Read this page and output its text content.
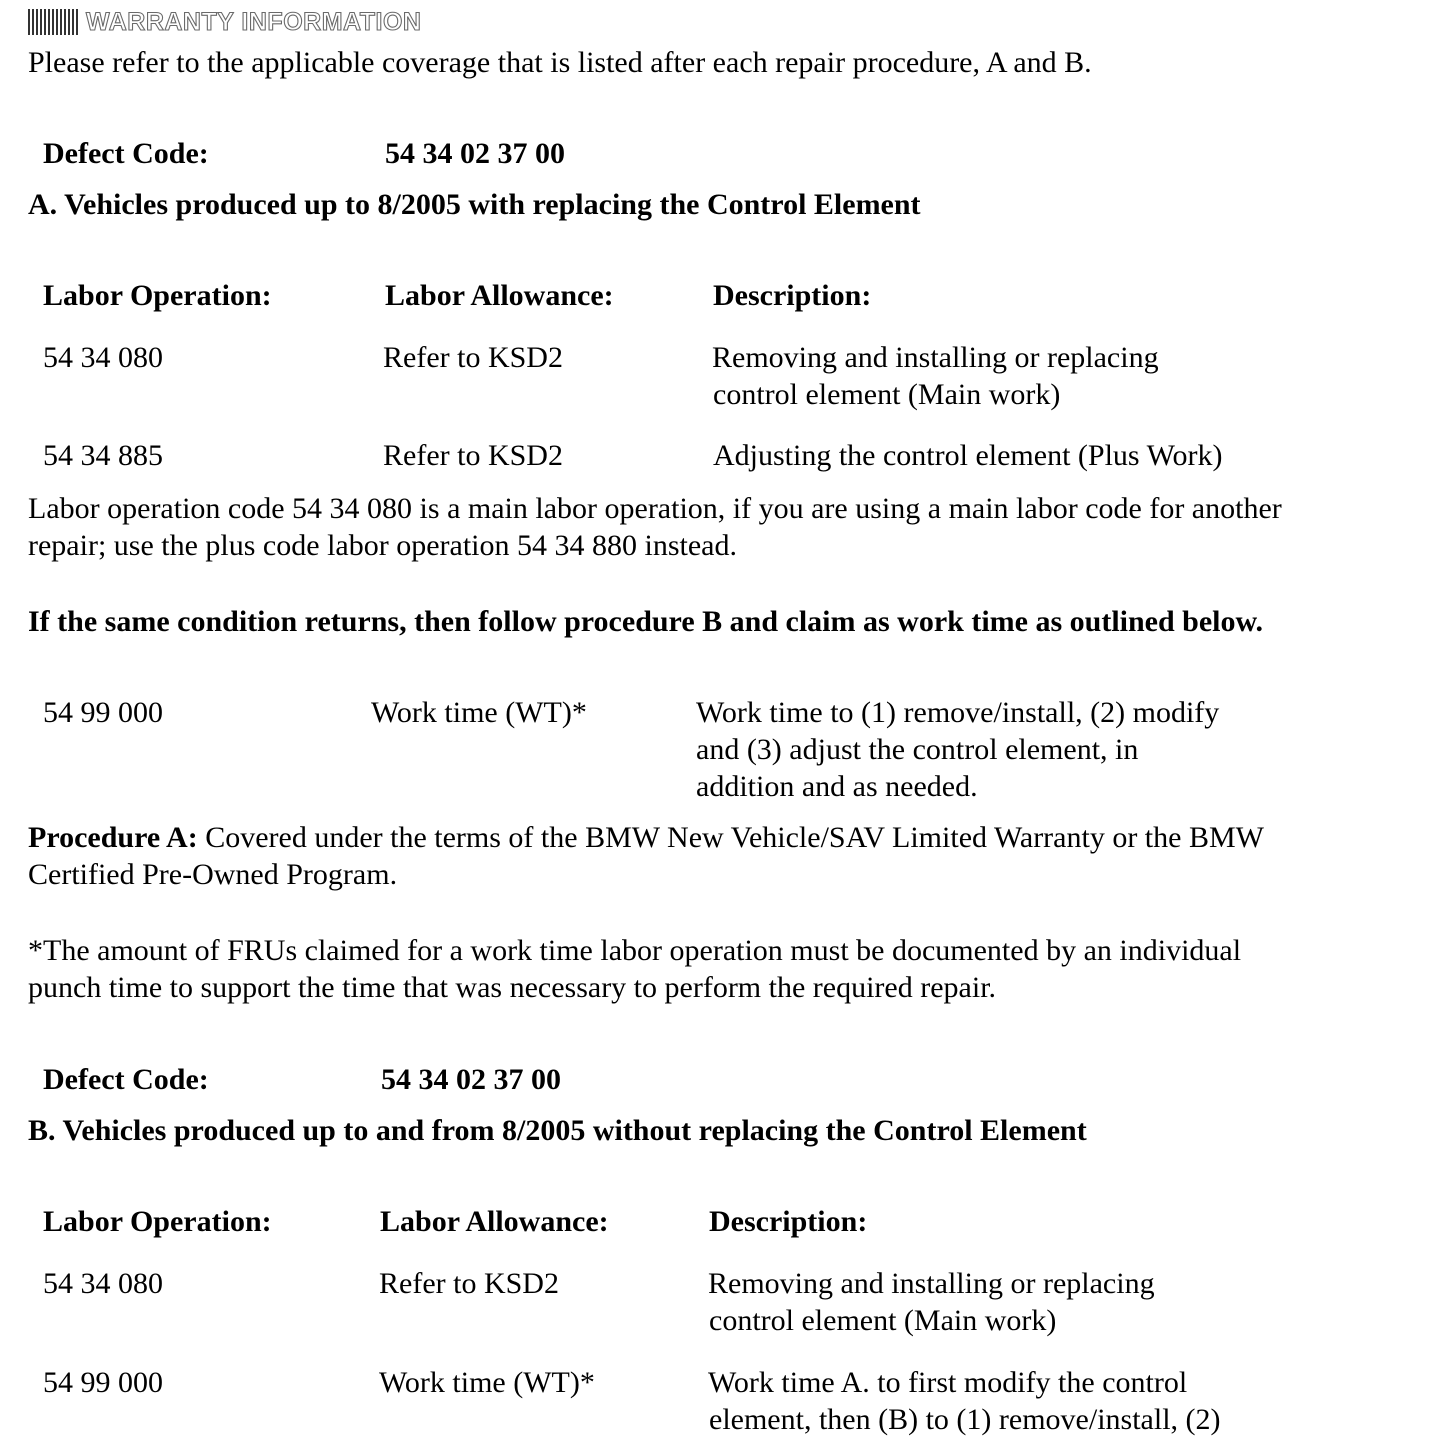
WARRANTY INFORMATION
Please refer to the applicable coverage that is listed after each repair procedure, A and B.
Defect Code:	54 34 02 37 00
A. Vehicles produced up to 8/2005 with replacing the Control Element
Labor Operation:	Labor Allowance:	Description:
54 34 080	Refer to KSD2	Removing and installing or replacing
control element (Main work)
54 34 885	Refer to KSD2	Adjusting the control element (Plus Work)
Labor operation code 54 34 080 is a main labor operation, if you are using a main labor code for another
repair; use the plus code labor operation 54 34 880 instead.
If the same condition returns, then follow procedure B and claim as work time as outlined below.
54 99 000	Work time (WT)*	Work time to (1) remove/install, (2) modify
and (3) adjust the control element, in
addition and as needed.
Procedure A: Covered under the terms of the BMW New Vehicle/SAV Limited Warranty or the BMW
Certified Pre-Owned Program.
*The amount of FRUs claimed for a work time labor operation must be documented by an individual
punch time to support the time that was necessary to perform the required repair.
Defect Code:	54 34 02 37 00
B. Vehicles produced up to and from 8/2005 without replacing the Control Element
Labor Operation:	Labor Allowance:	Description:
54 34 080	Refer to KSD2	Removing and installing or replacing
control element (Main work)
54 99 000	Work time (WT)*	Work time A. to first modify the control
element, then (B) to (1) remove/install, (2)
